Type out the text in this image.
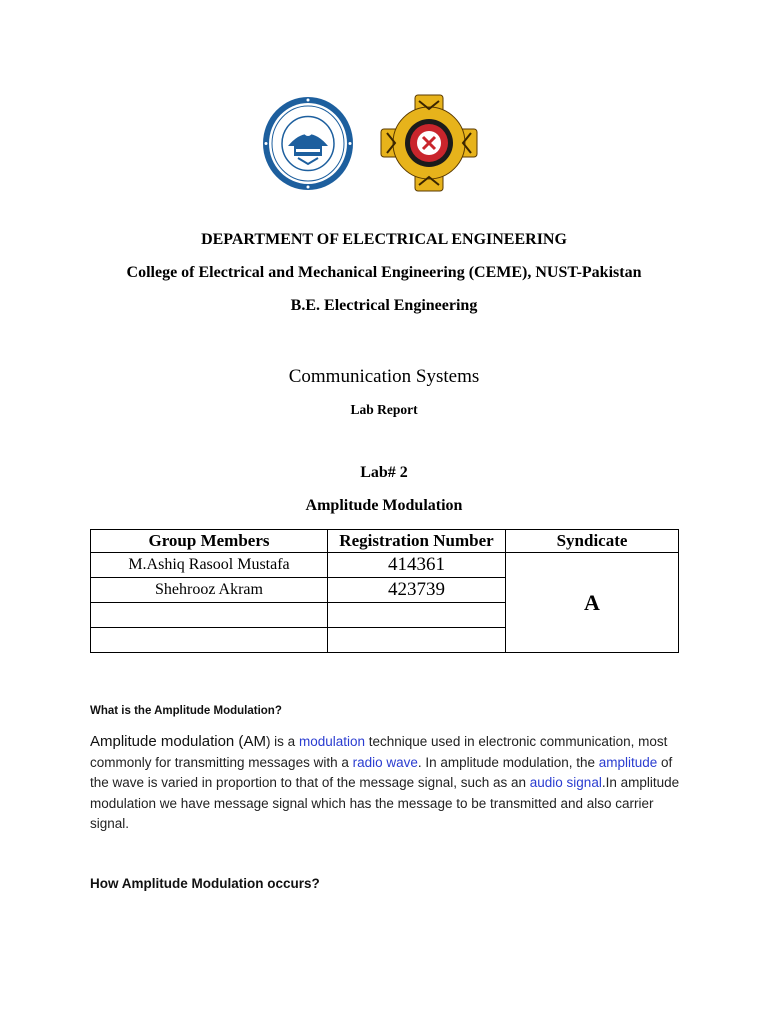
DEPARTMENT OF ELECTRICAL ENGINEERING
College of Electrical and Mechanical Engineering (CEME), NUST-Pakistan
B.E. Electrical Engineering
Communication Systems
Lab Report
Lab# 2
Amplitude Modulation
Group Members	Registration Number	Syndicate
M.Ashiq Rasool Mustafa	414361	A
Shehrooz Akram	423739	

What is the Amplitude Modulation?
Amplitude modulation (AM) is a modulation technique used in electronic communication, most commonly for transmitting messages with a radio wave. In amplitude modulation, the amplitude of the wave is varied in proportion to that of the message signal, such as an audio signal.In amplitude modulation we have message signal which has the message to be transmitted and also carrier signal.
How Amplitude Modulation occurs?
